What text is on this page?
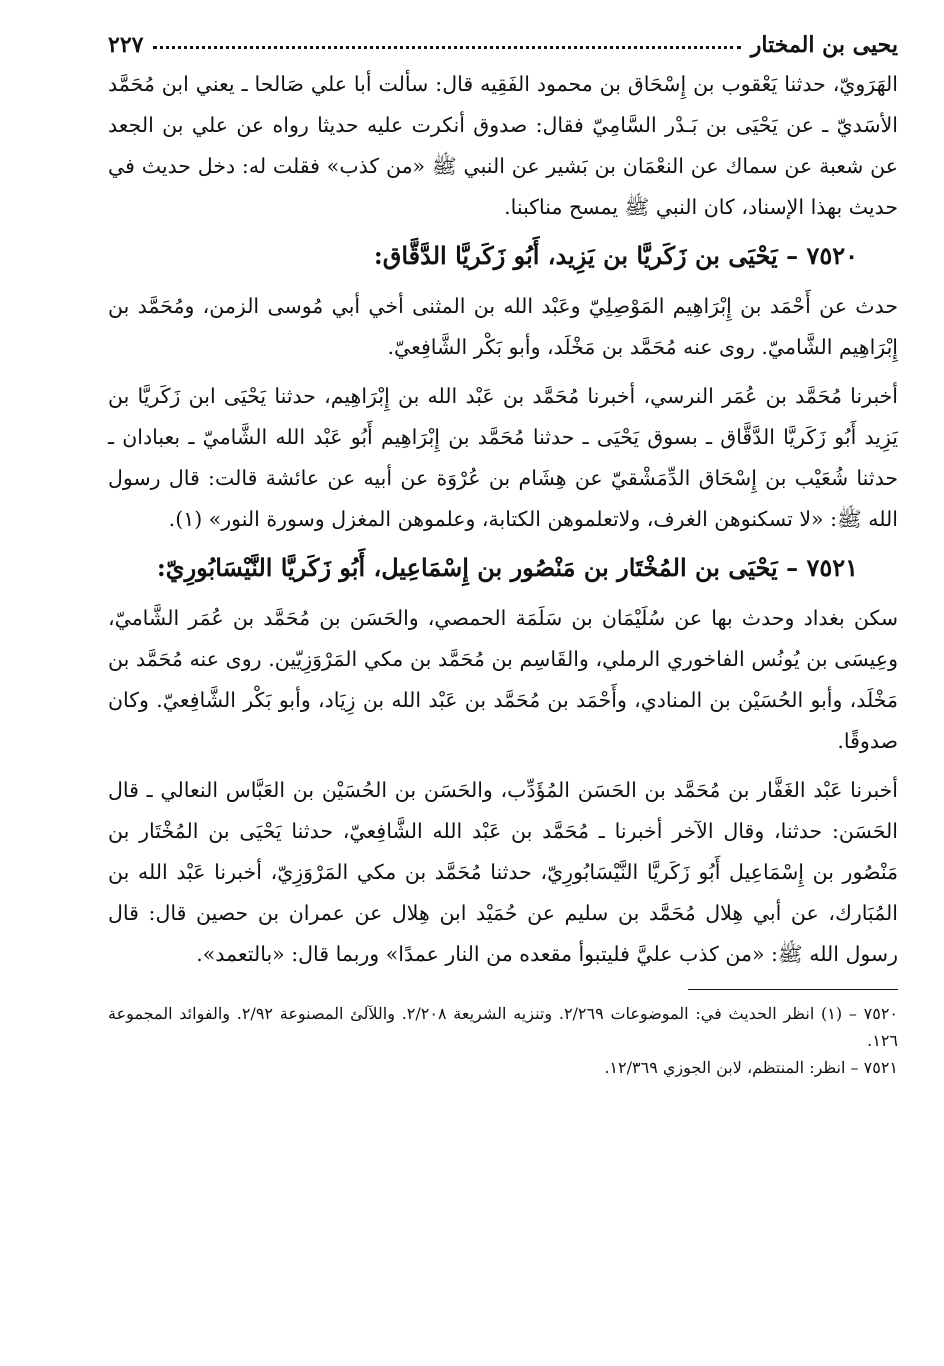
يحيى بن المختار
٢٢٧

الهَرَويّ، حدثنا يَعْقوب بن إِسْحَاق بن محمود الفَقِيه قال: سألت أبا علي صَالحا ـ يعني ابن مُحَمَّد الأسَديّ ـ عن يَحْيَى بن بَـدْر السَّامِيّ فقال: صدوق أنكرت عليه حديثا رواه عن علي بن الجعد عن شعبة عن سماك عن النعْمَان بن بَشير عن النبي ﷺ «من كذب» فقلت له: دخل حديث في حديث بهذا الإسناد، كان النبي ﷺ يمسح مناكبنا.

٧٥٢٠ – يَحْيَى بن زَكَريَّا بن يَزِيد، أَبُو زَكَريَّا الدَّقَّاق:

حدث عن أَحْمَد بن إِبْرَاهِيم المَوْصِلِيّ وعَبْد الله بن المثنى أخي أبي مُوسى الزمن، ومُحَمَّد بن إِبْرَاهِيم الشَّاميّ. روى عنه مُحَمَّد بن مَخْلَد، وأبو بَكْر الشَّافِعيّ.

أخبرنا مُحَمَّد بن عُمَر النرسي، أخبرنا مُحَمَّد بن عَبْد الله بن إِبْرَاهِيم، حدثنا يَحْيَى ابن زَكَريَّا بن يَزِيد أَبُو زَكَريَّا الدَّقَّاق ـ بسوق يَحْيَى ـ حدثنا مُحَمَّد بن إِبْرَاهِيم أَبُو عَبْد الله الشَّاميّ ـ بعبادان ـ حدثنا شُعَيْب بن إِسْحَاق الدِّمَشْقيّ عن هِشَام بن عُرْوَة عن أبيه عن عائشة قالت: قال رسول الله ﷺ: «لا تسكنوهن الغرف، ولاتعلموهن الكتابة، وعلموهن المغزل وسورة النور» (١).

٧٥٢١ – يَحْيَى بن المُخْتَار بن مَنْصُور بن إِسْمَاعِيل، أَبُو زَكَريَّا النَّيْسَابُورِيّ:

سكن بغداد وحدث بها عن سُلَيْمَان بن سَلَمَة الحمصي، والحَسَن بن مُحَمَّد بن عُمَر الشَّاميّ، وعِيسَى بن يُونُس الفاخوري الرملي، والقَاسِم بن مُحَمَّد بن مكي المَرْوَزِيّين. روى عنه مُحَمَّد بن مَخْلَد، وأبو الحُسَيْن بن المنادي، وأَحْمَد بن مُحَمَّد بن عَبْد الله بن زِيَاد، وأبو بَكْر الشَّافِعيّ. وكان صدوقًا.

أخبرنا عَبْد الغَفَّار بن مُحَمَّد بن الحَسَن المُؤَدِّب، والحَسَن بن الحُسَيْن بن العَبَّاس النعالي ـ قال الحَسَن: حدثنا، وقال الآخر أخبرنا ـ مُحَمَّد بن عَبْد الله الشَّافِعيّ، حدثنا يَحْيَى بن المُخْتَار بن مَنْصُور بن إِسْمَاعِيل أَبُو زَكَريَّا النَّيْسَابُورِيّ، حدثنا مُحَمَّد بن مكي المَرْوَزِيّ، أخبرنا عَبْد الله بن المُبَارك، عن أبي هِلال مُحَمَّد بن سليم عن حُمَيْد ابن هِلال عن عمران بن حصين قال: قال رسول الله ﷺ: «من كذب عليَّ فليتبوأ مقعده من النار عمدًا» وربما قال: «بالتعمد».

٧٥٢٠ – (١) انظر الحديث في: الموضوعات ٢/٢٦٩. وتنزيه الشريعة ٢/٢٠٨. واللآلئ المصنوعة ٢/٩٢. والفوائد المجموعة ١٢٦.

٧٥٢١ – انظر: المنتظم، لابن الجوزي ١٢/٣٦٩.
